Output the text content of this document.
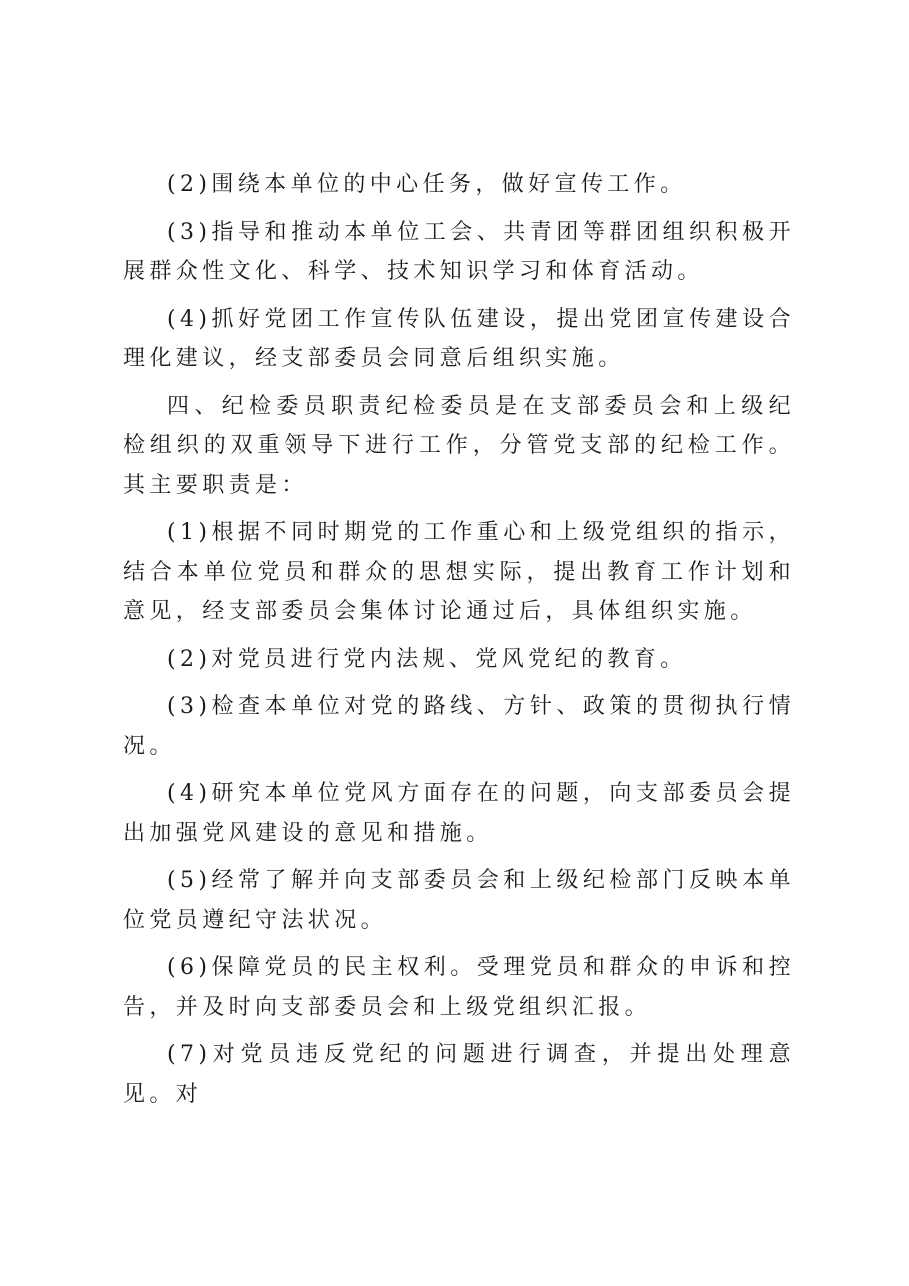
(2)围绕本单位的中心任务，做好宣传工作。

(3)指导和推动本单位工会、共青团等群团组织积极开展群众性文化、科学、技术知识学习和体育活动。

(4)抓好党团工作宣传队伍建设，提出党团宣传建设合理化建议，经支部委员会同意后组织实施。

四、纪检委员职责纪检委员是在支部委员会和上级纪检组织的双重领导下进行工作，分管党支部的纪检工作。其主要职责是：

(1)根据不同时期党的工作重心和上级党组织的指示，结合本单位党员和群众的思想实际，提出教育工作计划和意见，经支部委员会集体讨论通过后，具体组织实施。

(2)对党员进行党内法规、党风党纪的教育。

(3)检查本单位对党的路线、方针、政策的贯彻执行情况。

(4)研究本单位党风方面存在的问题，向支部委员会提出加强党风建设的意见和措施。

(5)经常了解并向支部委员会和上级纪检部门反映本单位党员遵纪守法状况。

(6)保障党员的民主权利。受理党员和群众的申诉和控告，并及时向支部委员会和上级党组织汇报。

(7)对党员违反党纪的问题进行调查，并提出处理意见。对
